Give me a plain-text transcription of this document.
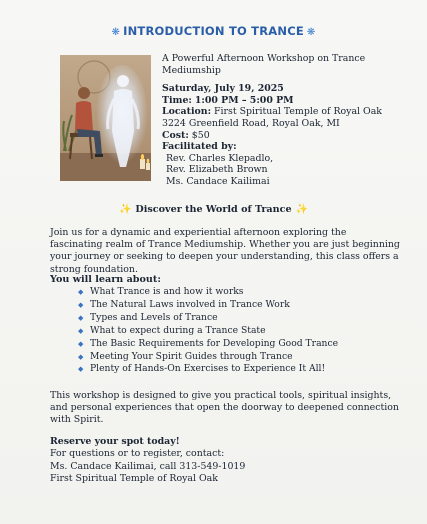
❋ INTRODUCTION TO TRANCE ❋
A Powerful Afternoon Workshop on Trance Mediumship
Saturday, July 19, 2025
Time: 1:00 PM – 5:00 PM
Location: First Spiritual Temple of Royal Oak
3224 Greenfield Road, Royal Oak, MI
Cost: $50
Facilitated by:
Rev. Charles Klepadlo,
Rev. Elizabeth Brown
Ms. Candace Kailimai
✨ Discover the World of Trance ✨
Join us for a dynamic and experiential afternoon exploring the fascinating realm of Trance Mediumship. Whether you are just beginning your journey or seeking to deepen your understanding, this class offers a strong foundation.
You will learn about:
◆ What Trance is and how it works
◆ The Natural Laws involved in Trance Work
◆ Types and Levels of Trance
◆ What to expect during a Trance State
◆ The Basic Requirements for Developing Good Trance
◆ Meeting Your Spirit Guides through Trance
◆ Plenty of Hands-On Exercises to Experience It All!
This workshop is designed to give you practical tools, spiritual insights, and personal experiences that open the doorway to deepened connection with Spirit.
Reserve your spot today!
For questions or to register, contact:
Ms. Candace Kailimai, call 313-549-1019
First Spiritual Temple of Royal Oak
